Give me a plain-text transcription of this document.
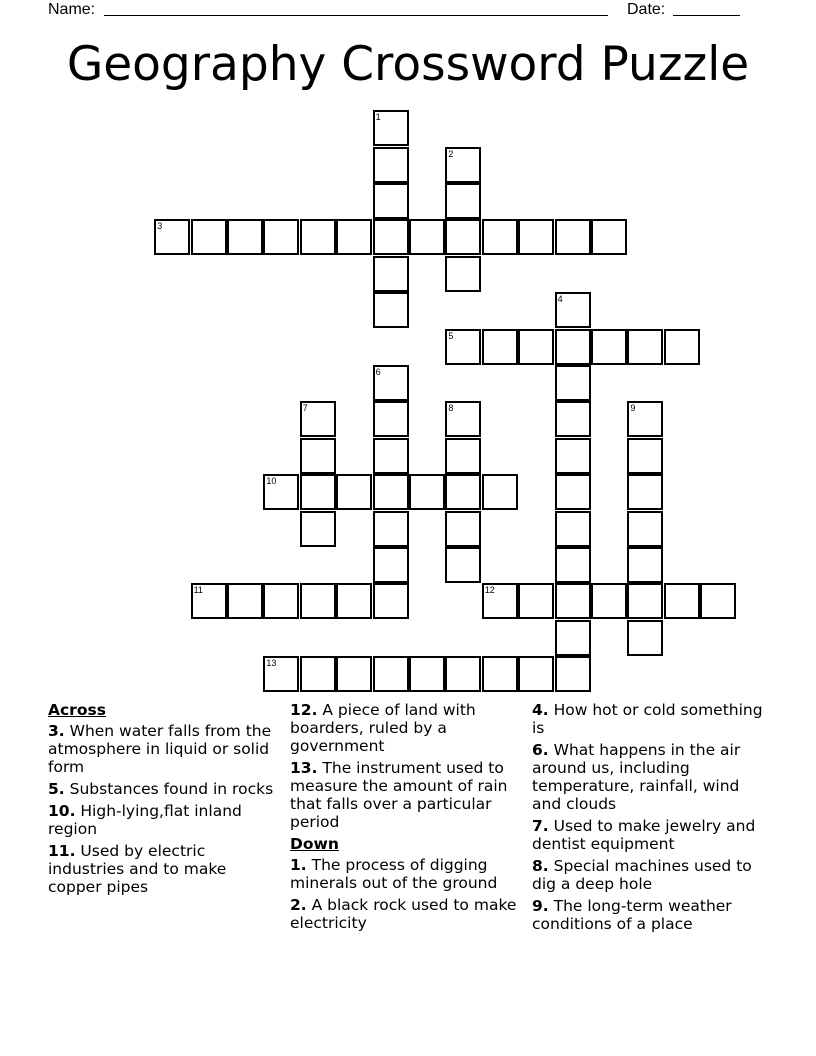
Name:	Date:
Geography Crossword Puzzle
1
2
3
4
5
6
7	8	9
10
11	12
13
Across
3. When water falls from the atmosphere in liquid or solid form
5. Substances found in rocks
10. High-lying,flat inland region
11. Used by electric industries and to make copper pipes
12. A piece of land with boarders, ruled by a government
13. The instrument used to measure the amount of rain that falls over a particular period
Down
1. The process of digging minerals out of the ground
2. A black rock used to make electricity
4. How hot or cold something is
6. What happens in the air around us, including temperature, rainfall, wind and clouds
7. Used to make jewelry and dentist equipment
8. Special machines used to dig a deep hole
9. The long-term weather conditions of a place
